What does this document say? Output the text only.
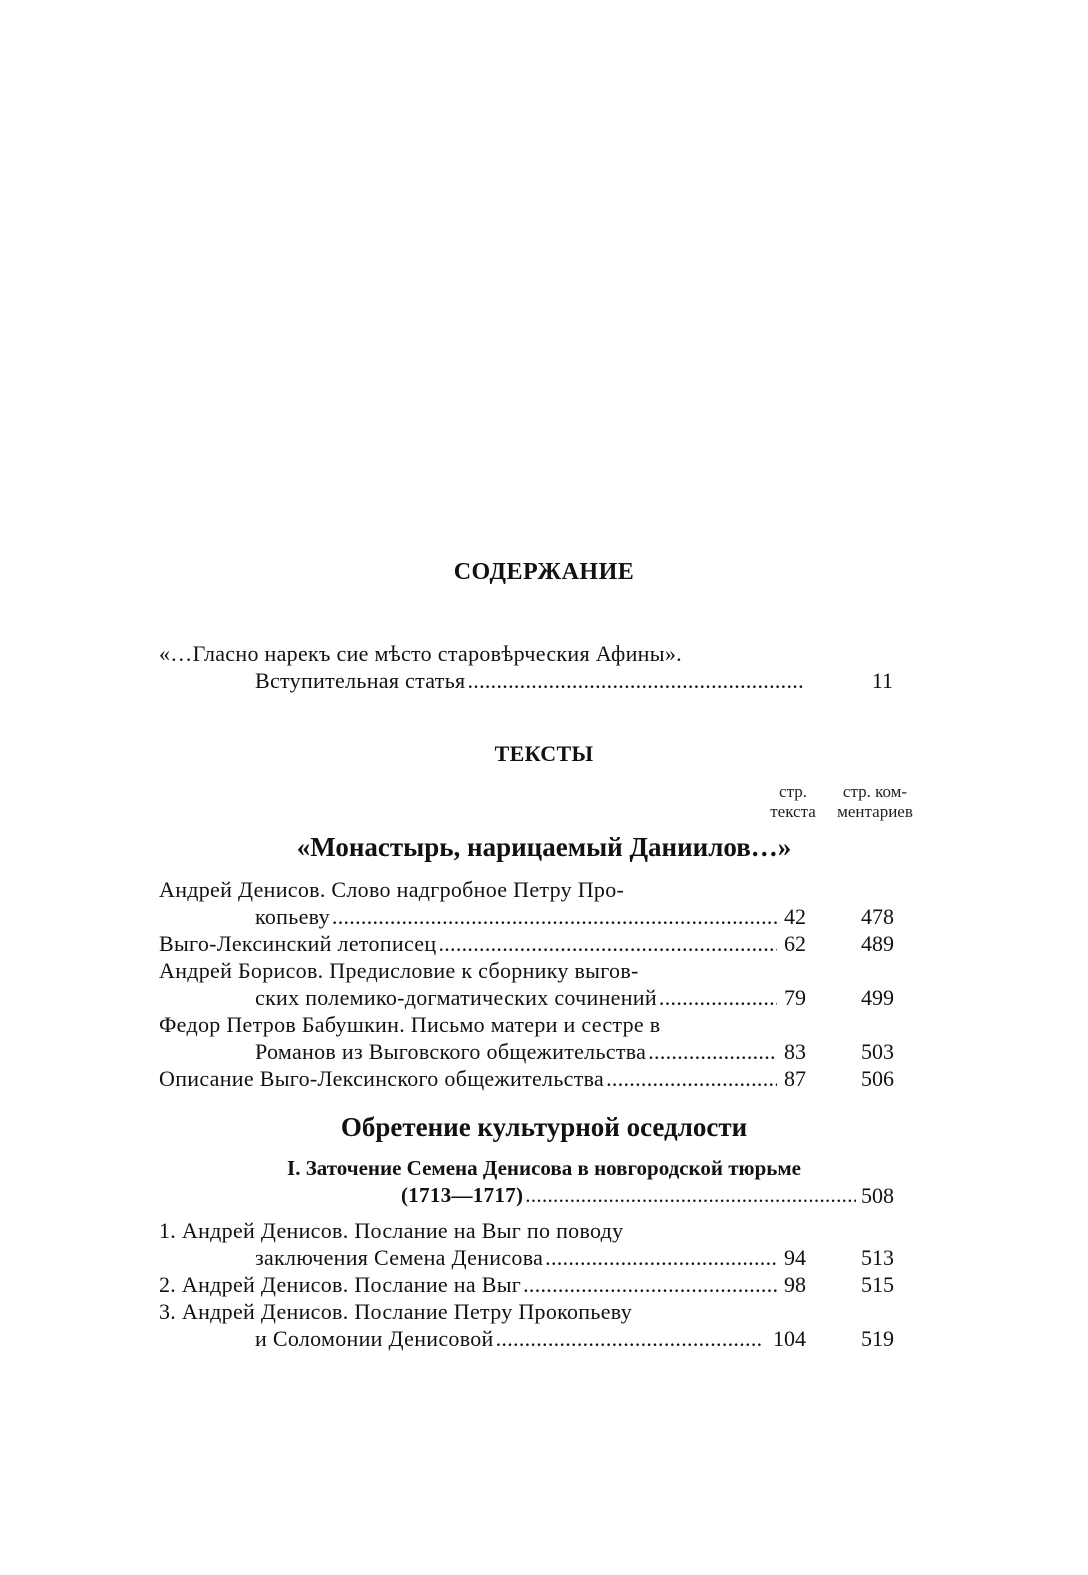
СОДЕРЖАНИЕ
«…Гласно нарекъ сие мѣсто старовѣрческия Афины».
Вступительная статья .....	11
ТЕКСТЫ
стр.
текста
стр. ком-
ментариев
«Монастырь, нарицаемый Даниилов…»
Андрей Денисов. Слово надгробное Петру Про-
копьеву .....	42	478
Выго-Лексинский летописец .....	62	489
Андрей Борисов. Предисловие к сборнику выгов-
ских полемико-догматических сочинений .....	79	499
Федор Петров Бабушкин. Письмо матери и сестре в
Романов из Выговского общежительства .....	83	503
Описание Выго-Лексинского общежительства .....	87	506
Обретение культурной оседлости
I. Заточение Семена Денисова в новгородской тюрьме
(1713—1717) .....	508
1. Андрей Денисов. Послание на Выг по поводу
заключения Семена Денисова .....	94	513
2. Андрей Денисов. Послание на Выг .....	98	515
3. Андрей Денисов. Послание Петру Прокопьеву
и Соломонии Денисовой .....	104	519
